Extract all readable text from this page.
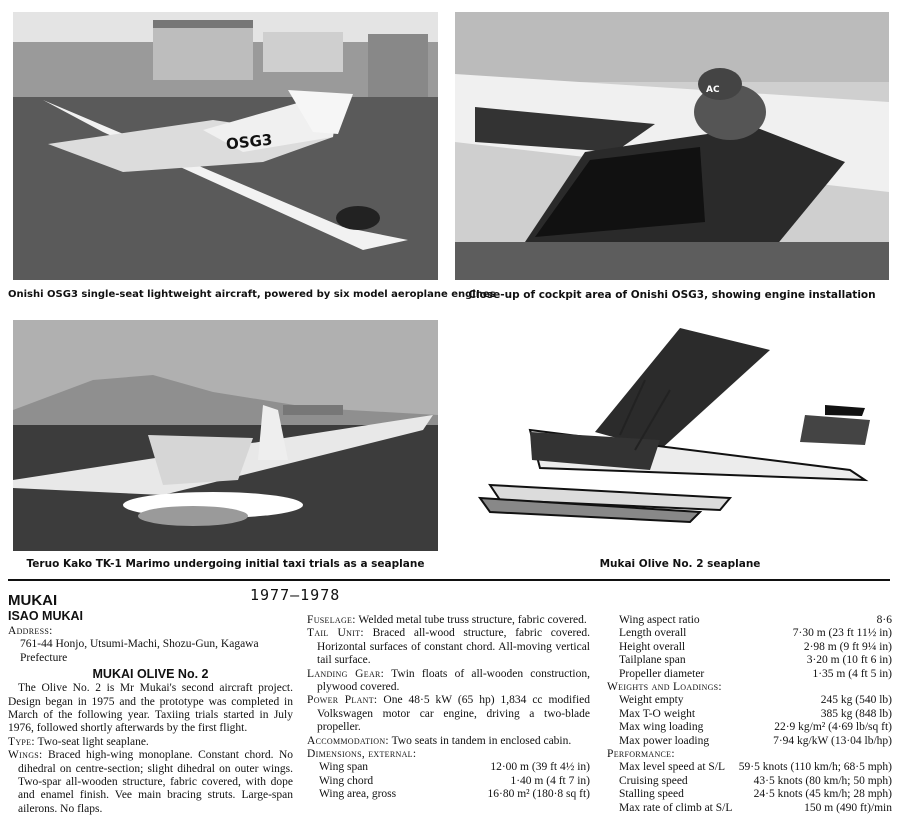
OSG3
AC
Onishi OSG3 single-seat lightweight aircraft, powered by six model aeroplane engines
Close-up of cockpit area of Onishi OSG3, showing engine installation
Teruo Kako TK-1 Marimo undergoing initial taxi trials as a seaplane	Mukai Olive No. 2 seaplane
1977—1978
MUKAI
ISAO MUKAI

Address:

761-44 Honjo, Utsumi-Machi, Shozu-Gun, Kagawa Prefecture

MUKAI OLIVE No. 2

The Olive No. 2 is Mr Mukai's second aircraft project. Design began in 1975 and the prototype was completed in March of the following year. Taxiing trials started in July 1976, followed shortly afterwards by the first flight.

Type: Two-seat light seaplane.

Wings: Braced high-wing monoplane. Constant chord. No dihedral on centre-section; slight dihedral on outer wings. Two-spar all-wooden structure, fabric covered, with dope and enamel finish. Vee main bracing struts. Large-span ailerons. No flaps.

Fuselage: Welded metal tube truss structure, fabric covered.

Tail Unit: Braced all-wood structure, fabric covered. Horizontal surfaces of constant chord. All-moving vertical tail surface.

Landing Gear: Twin floats of all-wooden construction, plywood covered.

Power Plant: One 48·5 kW (65 hp) 1,834 cc modified Volkswagen motor car engine, driving a two-blade propeller.

Accommodation: Two seats in tandem in enclosed cabin.

Dimensions, external:

Wing span	12·00 m (39 ft 4½ in)
Wing chord	1·40 m (4 ft 7 in)
Wing area, gross	16·80 m² (180·8 sq ft)
Wing aspect ratio	8·6
Length overall	7·30 m (23 ft 11½ in)
Height overall	2·98 m (9 ft 9¼ in)
Tailplane span	3·20 m (10 ft 6 in)
Propeller diameter	1·35 m (4 ft 5 in)

Weights and Loadings:

Weight empty	245 kg (540 lb)
Max T-O weight	385 kg (848 lb)
Max wing loading	22·9 kg/m² (4·69 lb/sq ft)
Max power loading	7·94 kg/kW (13·04 lb/hp)

Performance:

Max level speed at S/L 59·5 knots (110 km/h; 68·5 mph)
Cruising speed	43·5 knots (80 km/h; 50 mph)
Stalling speed	24·5 knots (45 km/h; 28 mph)
Max rate of climb at S/L	150 m (490 ft)/min
